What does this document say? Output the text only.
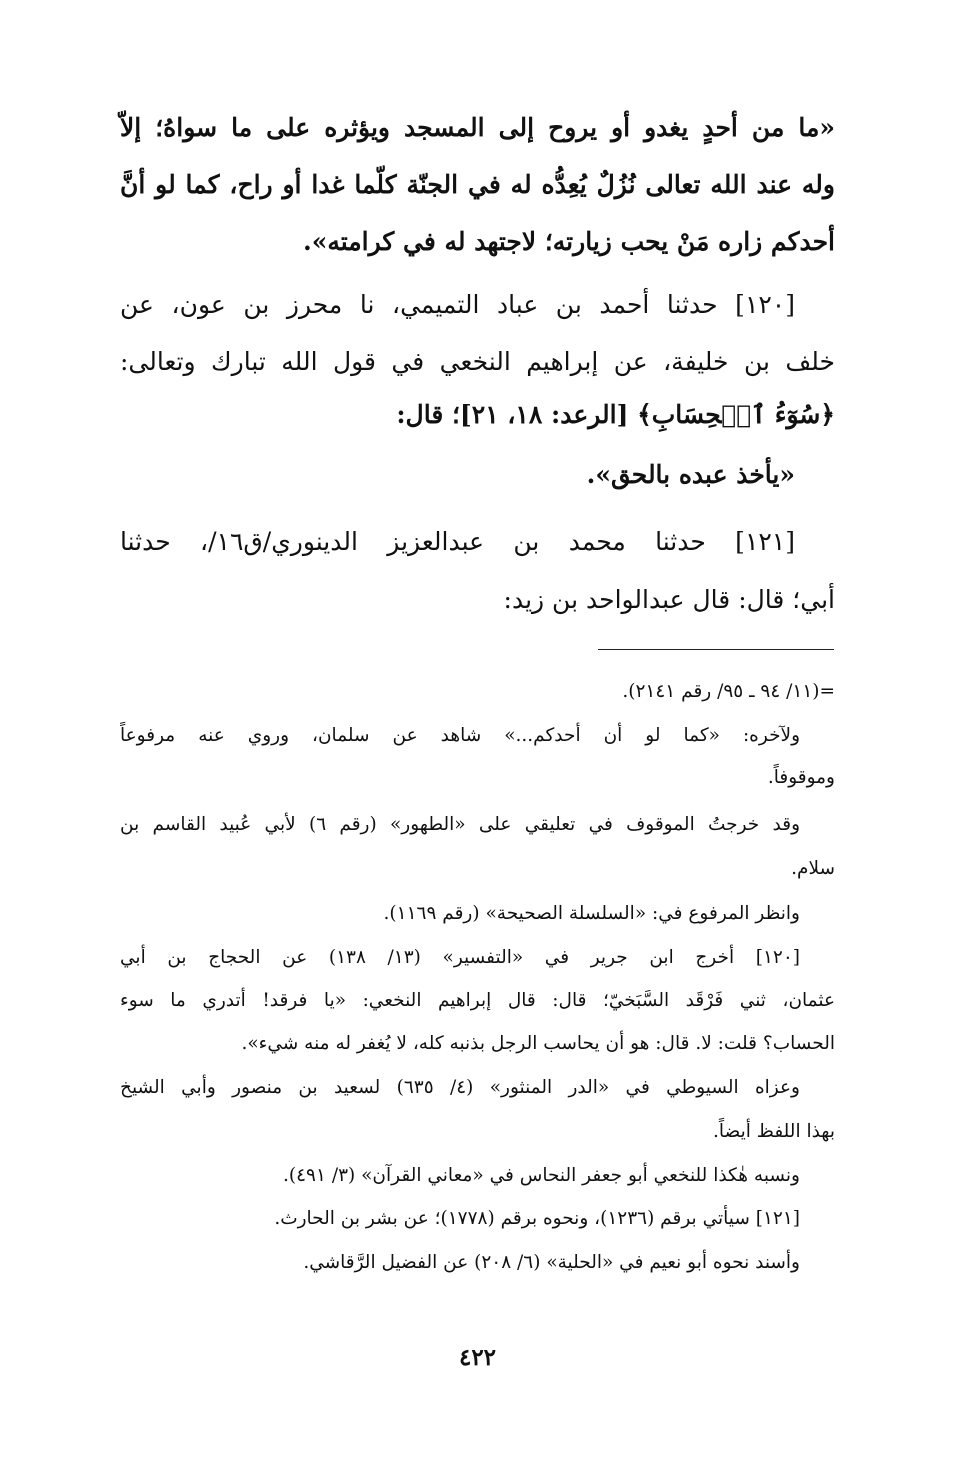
«ما من أحدٍ يغدو أو يروح إلى المسجد ويؤثره على ما سواهُ؛ إلاّ
وله عند الله تعالى نُزُلٌ يُعِدُّه له في الجنّة كلّما غدا أو راح، كما لو أنَّ
أحدكم زاره مَنْ يحب زيارته؛ لاجتهد له في كرامته».
[١٢٠] حدثنا أحمد بن عباد التميمي، نا محرز بن عون، عن
خلف بن خليفة، عن إبراهيم النخعي في قول الله تبارك وتعالى:
﴿سُوٓءُ ٱلۡحِسَابِ﴾ [الرعد: ١٨، ٢١]؛ قال:
«يأخذ عبده بالحق».
[١٢١] حدثنا محمد بن عبدالعزيز الدينوري/ق١٦/، حدثنا
أبي؛ قال: قال عبدالواحد بن زيد:
=(١١/ ٩٤ ـ ٩٥/ رقم ٢١٤١).
ولآخره: «كما لو أن أحدكم...» شاهد عن سلمان، وروي عنه مرفوعاً
وموقوفاً.
وقد خرجتُ الموقوف في تعليقي على «الطهور» (رقم ٦) لأبي عُبيد القاسم بن
سلام.
وانظر المرفوع في: «السلسلة الصحيحة» (رقم ١١٦٩).
[١٢٠] أخرج ابن جرير في «التفسير» (١٣/ ١٣٨) عن الحجاج بن أبي
عثمان، ثني فَرْقَد السَّبَخيّ؛ قال: قال إبراهيم النخعي: «يا فرقد! أتدري ما سوء
الحساب؟ قلت: لا. قال: هو أن يحاسب الرجل بذنبه كله، لا يُغفر له منه شيء».
وعزاه السيوطي في «الدر المنثور» (٤/ ٦٣٥) لسعيد بن منصور وأبي الشيخ
بهذا اللفظ أيضاً.
ونسبه هٰكذا للنخعي أبو جعفر النحاس في «معاني القرآن» (٣/ ٤٩١).
[١٢١] سيأتي برقم (١٢٣٦)، ونحوه برقم (١٧٧٨)؛ عن بشر بن الحارث.
وأسند نحوه أبو نعيم في «الحلية» (٦/ ٢٠٨) عن الفضيل الرَّقاشي.
٤٢٢
